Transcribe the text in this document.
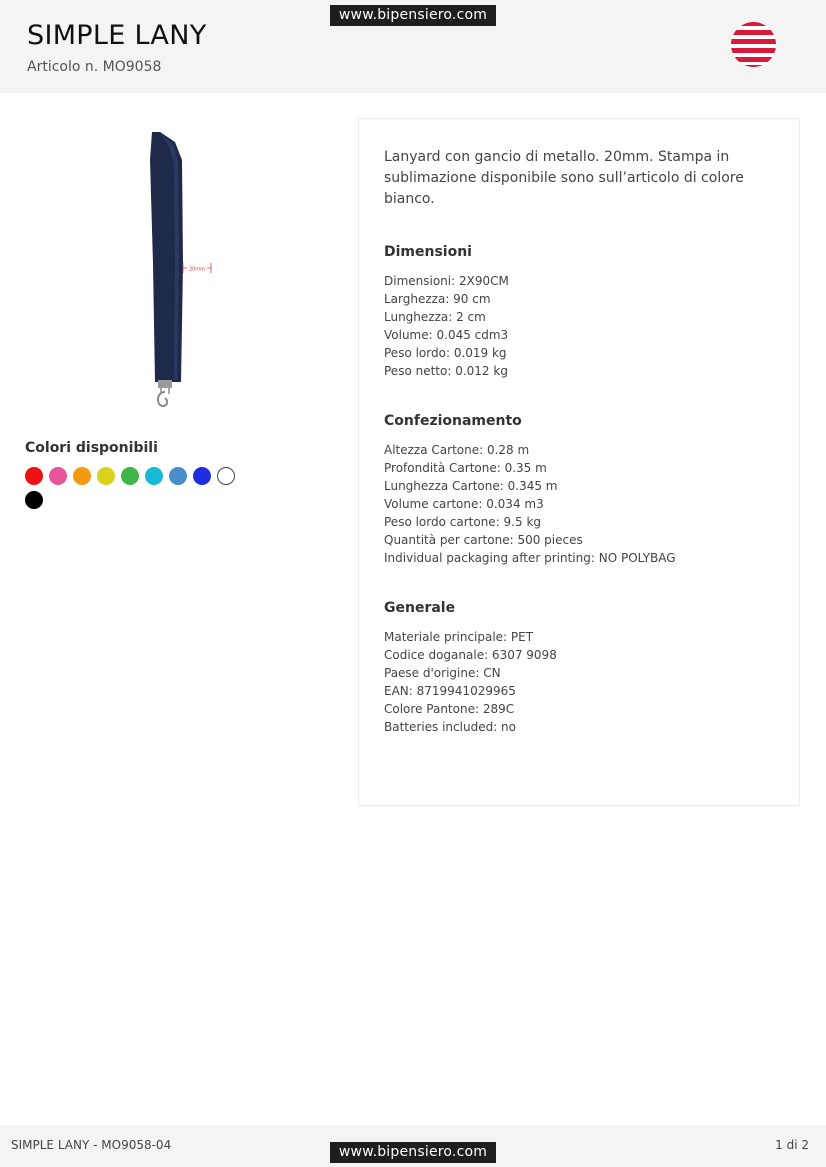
www.bipensiero.com
SIMPLE LANY
Articolo n. MO9058
20mm
Colori disponibili
Lanyard con gancio di metallo. 20mm. Stampa in sublimazione disponibile sono sull’articolo di colore bianco.
Dimensioni
Dimensioni: 2X90CM
Larghezza: 90 cm
Lunghezza: 2 cm
Volume: 0.045 cdm3
Peso lordo: 0.019 kg
Peso netto: 0.012 kg
Confezionamento
Altezza Cartone: 0.28 m
Profondità Cartone: 0.35 m
Lunghezza Cartone: 0.345 m
Volume cartone: 0.034 m3
Peso lordo cartone: 9.5 kg
Quantità per cartone: 500 pieces
Individual packaging after printing: NO POLYBAG
Generale
Materiale principale: PET
Codice doganale: 6307 9098
Paese d'origine: CN
EAN: 8719941029965
Colore Pantone: 289C
Batteries included: no
SIMPLE LANY - MO9058-04	www.bipensiero.com	1 di 2
